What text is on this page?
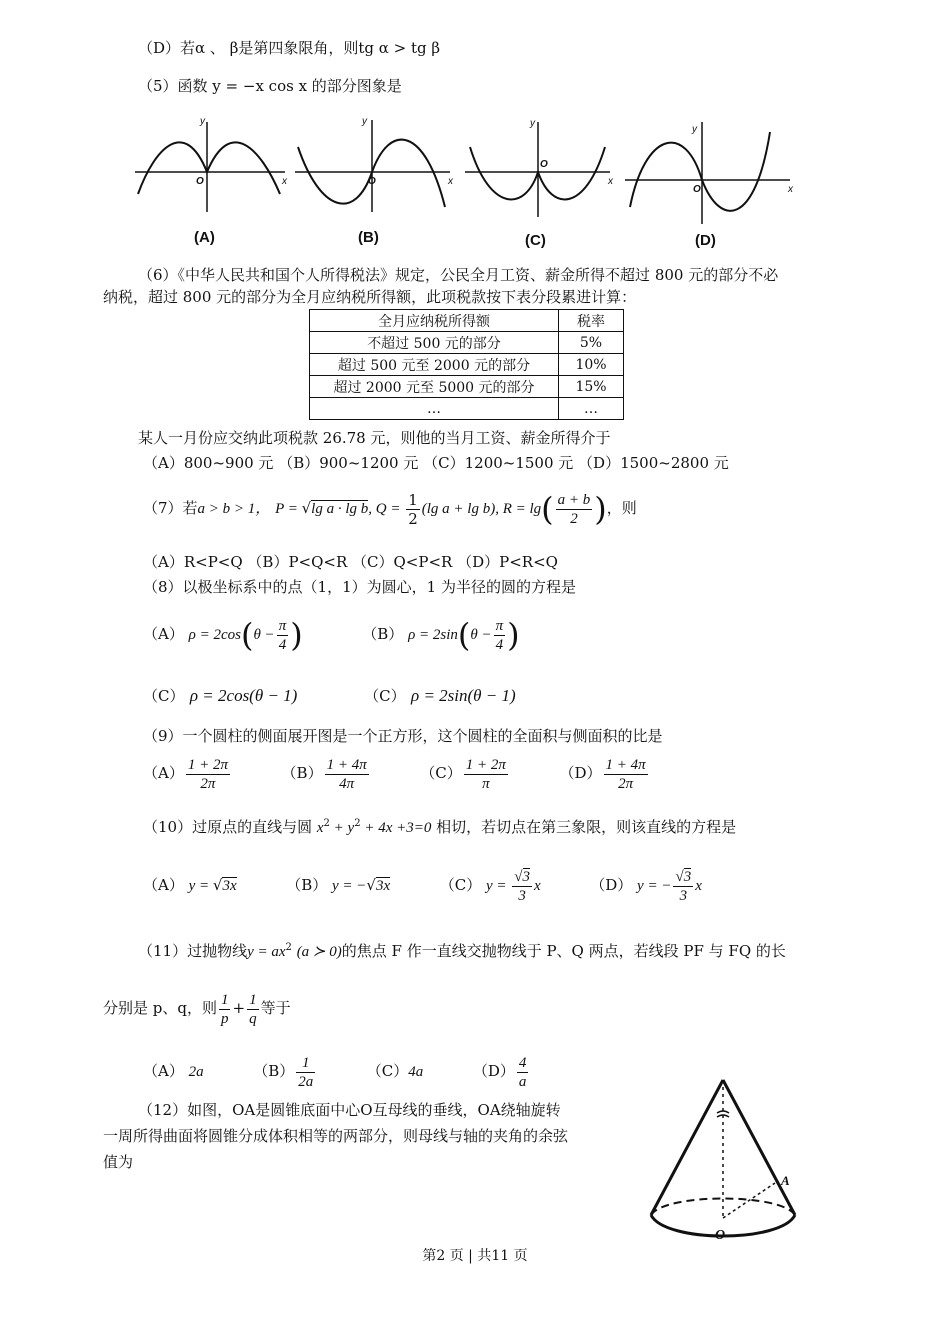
（D）若α 、 β是第四象限角，则tg α > tg β
（5）函数 y = −x cos x 的部分图象是
y
x
O
y
x
O
y
x
O
y
x
O
(A)	(B)	(C)	(D)
（6）《中华人民共和国个人所得税法》规定，公民全月工资、薪金所得不超过 800 元的部分不必
纳税，超过 800 元的部分为全月应纳税所得额，此项税款按下表分段累进计算：
全月应纳税所得额	税率
不超过 500 元的部分	5%
超过 500 元至 2000 元的部分	10%
超过 2000 元至 5000 元的部分	15%
…	…
某人一月份应交纳此项税款 26.78 元，则他的当月工资、薪金所得介于
（A）800~900 元 （B）900~1200 元 （C）1200~1500 元 （D）1500~2800 元
（7）若a > b > 1， P = √lg a · lg b, $Q = \frac{1}{2} (\lg$ a + lg b), $R = \lg( \frac{a + b}{2}$ )，则
（A）R<P<Q （B）P<Q<R （C）Q<P<R （D）P<R<Q
（8）以极坐标系中的点（1，1）为圆心，1 为半径的圆的方程是
（A） $\rho = 2\cos(\theta - \frac{\pi}{4}$ )	（B） $\rho = 2\sin(\theta - \frac{\pi}{4}$ )
（C） ρ = 2cos(θ − 1)	（C） ρ = 2sin(θ − 1)
（9）一个圆柱的侧面展开图是一个正方形，这个圆柱的全面积与侧面积的比是
$(A) \frac{1 + 2\pi}{2\pi}$	$(B) \frac{1 + 4\pi}{4\pi}$	$(C) \frac{1 + 2\pi}{\pi}$	$(D) \frac{1 + 4\pi}{2\pi}$
（10）过原点的直线与圆 $x^2 + y^2 + 4x +3=0$ 相切，若切点在第三象限，则该直线的方程是
（A） y = √3x	（B） y = −√3x	（C） $y = \frac{√3}{3}$ x	（D） y = − $\frac{√3}{3}$ x
（11）过抛物线$y = ax^2$ (a ≻ 0)的焦点 F 作一直线交抛物线于 P、Q 两点，若线段 PF 与 FQ 的长
分别是 p、q，则 $\frac{1}{p} + \frac{1}{q}$ 等于
（A） 2a	$(B) \frac{1}{2a}$	（C）4a	$(D) \frac{4}{a}$
（12）如图，OA是圆锥底面中心O互母线的垂线，OA绕轴旋转
一周所得曲面将圆锥分成体积相等的两部分，则母线与轴的夹角的余弦
值为
A
O
第2 页 | 共11 页
